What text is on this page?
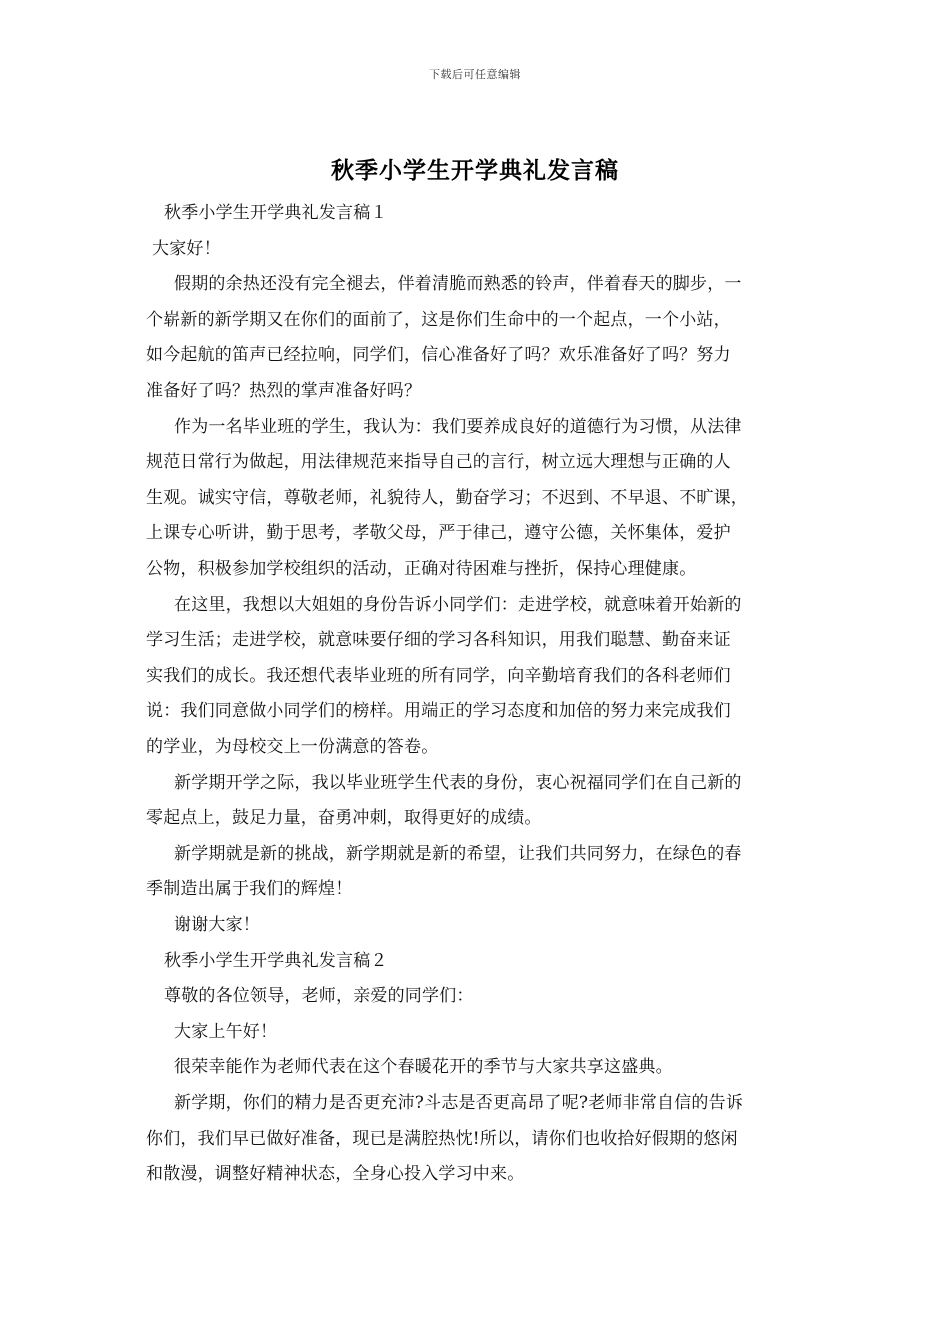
下载后可任意编辑
秋季小学生开学典礼发言稿
秋季小学生开学典礼发言稿１
大家好！
假期的余热还没有完全褪去，伴着清脆而熟悉的铃声，伴着春天的脚步，一
个崭新的新学期又在你们的面前了，这是你们生命中的一个起点，一个小站，
如今起航的笛声已经拉响，同学们，信心准备好了吗？欢乐准备好了吗？努力
准备好了吗？热烈的掌声准备好吗？
作为一名毕业班的学生，我认为：我们要养成良好的道德行为习惯，从法律
规范日常行为做起，用法律规范来指导自己的言行，树立远大理想与正确的人
生观。诚实守信，尊敬老师，礼貌待人，勤奋学习；不迟到、不早退、不旷课，
上课专心听讲，勤于思考，孝敬父母，严于律己，遵守公德，关怀集体，爱护
公物，积极参加学校组织的活动，正确对待困难与挫折，保持心理健康。
在这里，我想以大姐姐的身份告诉小同学们：走进学校，就意味着开始新的
学习生活；走进学校，就意味要仔细的学习各科知识，用我们聪慧、勤奋来证
实我们的成长。我还想代表毕业班的所有同学，向辛勤培育我们的各科老师们
说：我们同意做小同学们的榜样。用端正的学习态度和加倍的努力来完成我们
的学业，为母校交上一份满意的答卷。
新学期开学之际，我以毕业班学生代表的身份，衷心祝福同学们在自己新的
零起点上，鼓足力量，奋勇冲刺，取得更好的成绩。
新学期就是新的挑战，新学期就是新的希望，让我们共同努力，在绿色的春
季制造出属于我们的辉煌！
谢谢大家！
秋季小学生开学典礼发言稿２
尊敬的各位领导，老师，亲爱的同学们：
大家上午好！
很荣幸能作为老师代表在这个春暖花开的季节与大家共享这盛典。
新学期，你们的精力是否更充沛?斗志是否更高昂了呢?老师非常自信的告诉
你们，我们早已做好准备，现已是满腔热忱!所以，请你们也收拾好假期的悠闲
和散漫，调整好精神状态，全身心投入学习中来。
